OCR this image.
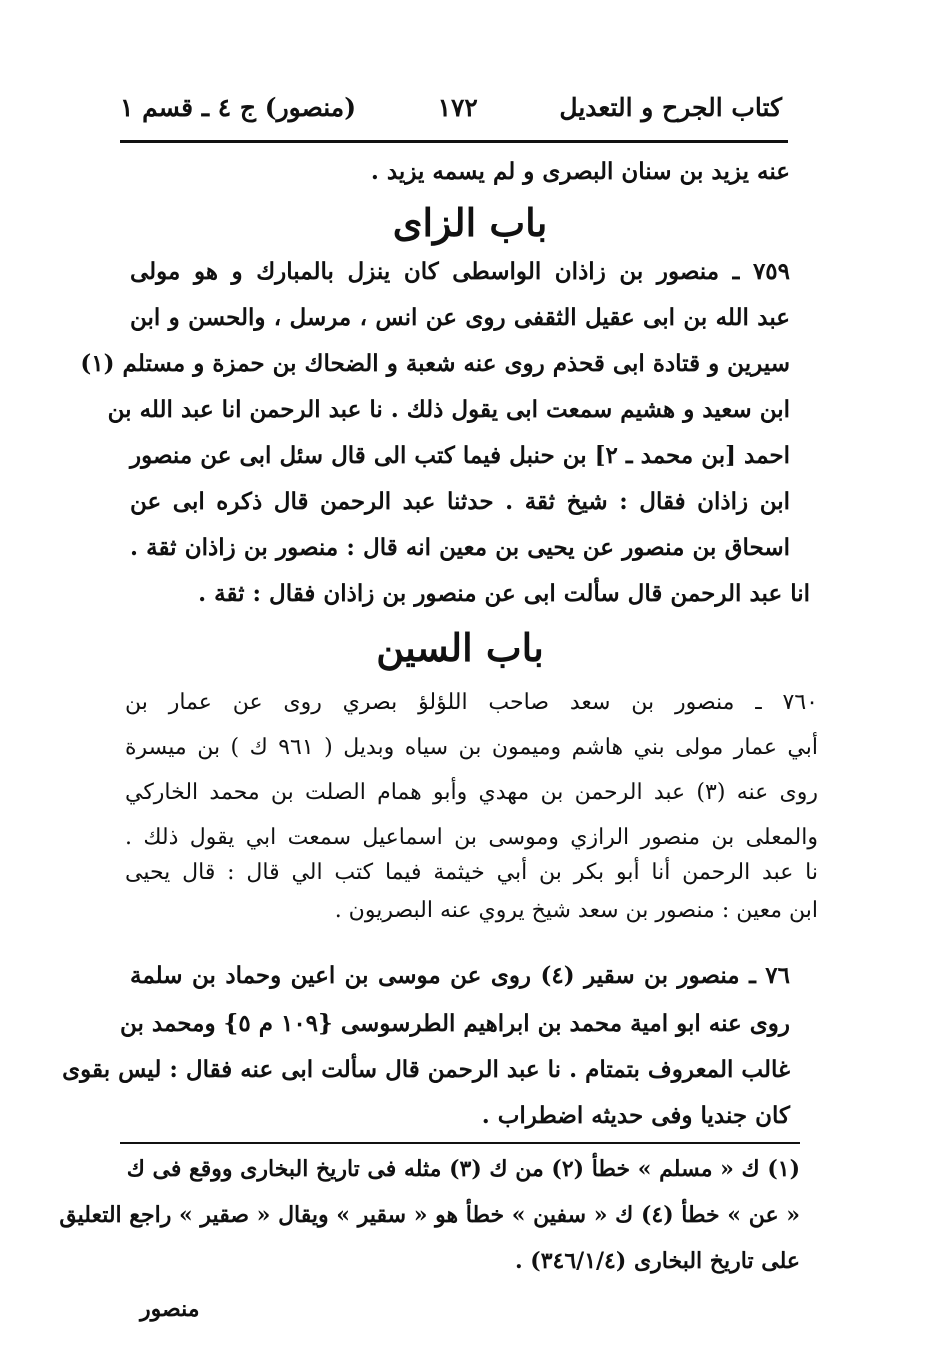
كتاب الجرح و التعديل
١٧٢
(منصور) ج ٤ ـ قسم ١
عنه يزيد بن سنان البصرى و لم يسمه يزيد .
باب الزاى
٧٥٩ ـ منصور بن زاذان الواسطى كان ينزل بالمبارك و هو مولى
عبد الله بن ابى عقيل الثقفى روى عن انس ، مرسل ، والحسن و ابن
سيرين و قتادة ابى قحذم روى عنه شعبة و الضحاك بن حمزة و مستلم (١)
ابن سعيد و هشيم سمعت ابى يقول ذلك . نا عبد الرحمن انا عبد الله بن
احمد [بن محمد ـ ٢] بن حنبل فيما كتب الى قال سئل ابى عن منصور
ابن زاذان فقال : شيخ ثقة . حدثنا عبد الرحمن قال ذكره ابى عن
اسحاق بن منصور عن يحيى بن معين انه قال : منصور بن زاذان ثقة .
انا عبد الرحمن قال سألت ابى عن منصور بن زاذان فقال : ثقة .
باب السين
٧٦٠ ـ منصور بن سعد صاحب اللؤلؤ بصري روى عن عمار بن
أبي عمار مولى بني هاشم وميمون بن سياه وبديل ( ٩٦١ ك ) بن ميسرة
روى عنه (٣) عبد الرحمن بن مهدي وأبو همام الصلت بن محمد الخاركي
والمعلى بن منصور الرازي وموسى بن اسماعيل سمعت ابي يقول ذلك .
نا عبد الرحمن أنا أبو بكر بن أبي خيثمة فيما كتب الي قال : قال يحيى
ابن معين : منصور بن سعد شيخ يروي عنه البصريون .
٧٦ ـ منصور بن سقير (٤) روى عن موسى بن اعين وحماد بن سلمة
روى عنه ابو امية محمد بن ابراهيم الطرسوسى {١٠٩ م ٥} ومحمد بن
غالب المعروف بتمتام . نا عبد الرحمن قال سألت ابى عنه فقال : ليس بقوى
كان جنديا وفى حديثه اضطراب .
(١) ك « مسلم » خطأ (٢) من ك (٣) مثله فى تاريخ البخارى ووقع فى ك
« عن » خطأ (٤) ك « سفين » خطأ هو « سقير » ويقال « صقير » راجع التعليق
على تاريخ البخارى (٣٤٦/١/٤) .
منصور
